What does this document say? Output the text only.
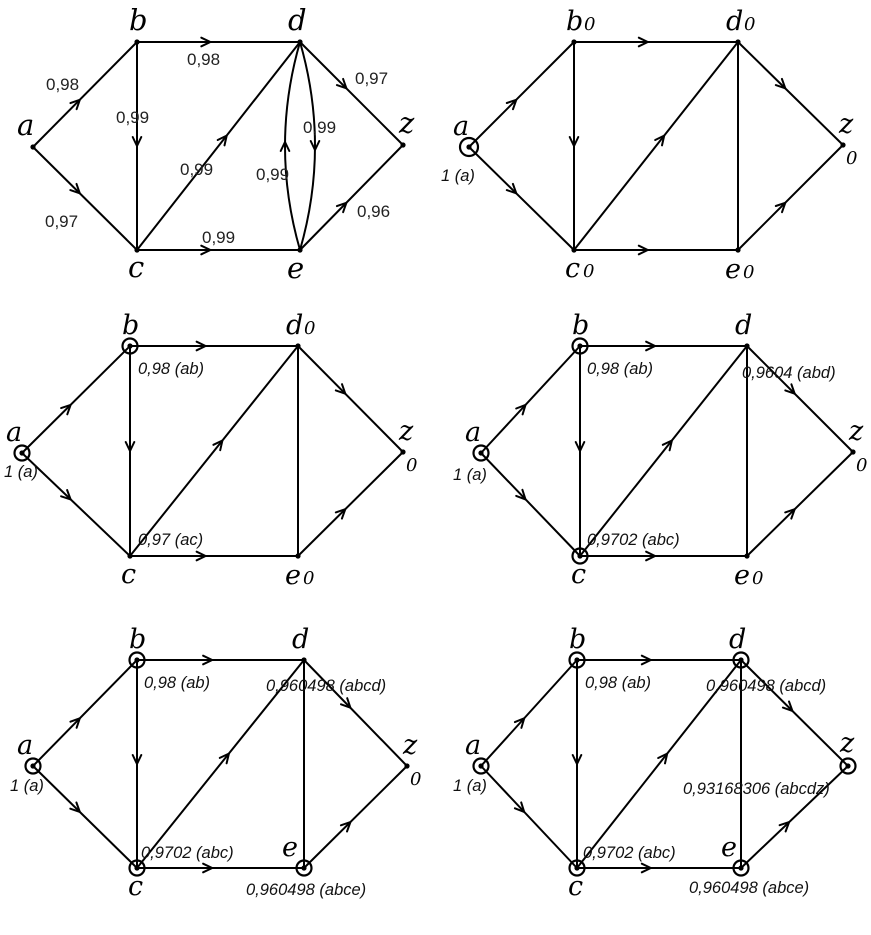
a
b
c
d
e
z
0,98
0,97
0,98
0,99
0,99
0,99
0,99
0,99
0,97
0,96
a
b
c
d
e
z
0
0
0
0
0
1 (a)
a
b
c
d
e
z
0
0
0
1 (a)
0,98 (ab)
0,97 (ac)
a
b
c
d
e
z
0
0
1 (a)
0,98 (ab)
0,9702 (abc)
0,9604 (abd)
a
b
c
d
e
z
0
1 (a)
0,98 (ab)
0,9702 (abc)
0,960498 (abcd)
0,960498 (abce)
a
b
c
d
e
z
1 (a)
0,98 (ab)
0,9702 (abc)
0,960498 (abcd)
0,960498 (abce)
0,93168306 (abcdz)
